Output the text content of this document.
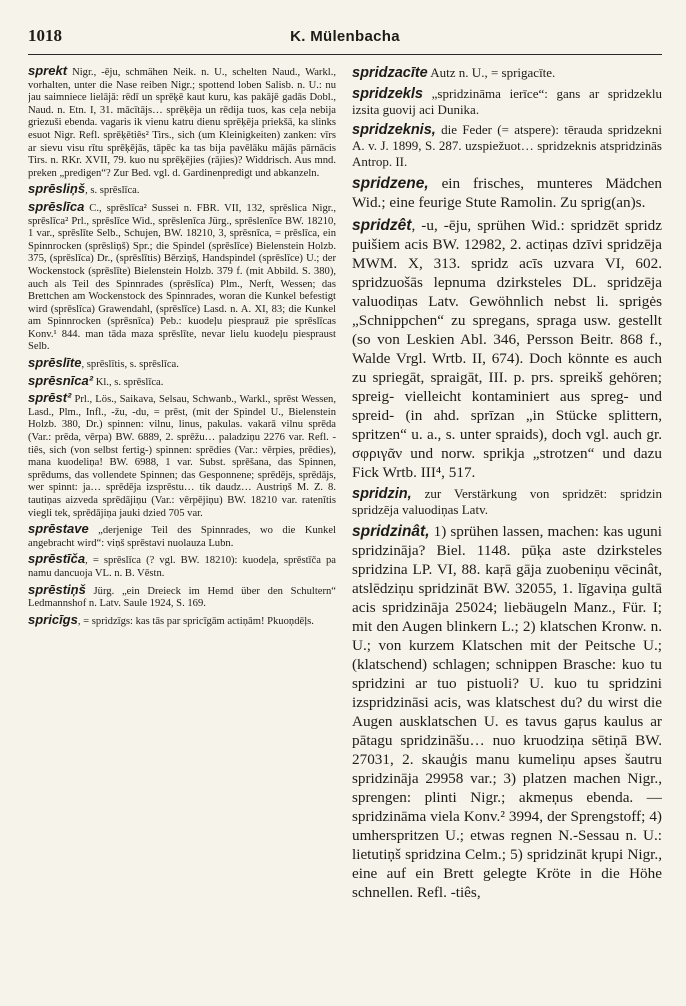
1018	K. Mülenbacha

sprekt Nigr., -ēju, schmähen Neik. n. U., schelten Naud., Warkl., vorhalten, unter die Nase reiben Nigr.; spottend loben Salisb. n. U.: nu jau saimniece lielājā: rēdī un sprēķē kaut kuru, kas pakājē gadās Dobl., Naud. n. Etn. I, 31. mācītājs… sprēķēja un rēdija tuos, kas ceļa nebija griezuši ebenda. vagaris ik vienu katru dienu sprēķēja priekšā, ka slinks esuot Nigr. Refl. sprēķētiês² Tirs., sich (um Kleinigkeiten) zanken: vīrs ar sievu visu rītu sprēķējās, tāpēc ka tas bija pavēlāku mājās pārnācis Tirs. n. RKr. XVII, 79. kuo nu sprēķējies (rājies)? Widdrisch. Aus mnd. preken „predigen“? Zur Bed. vgl. d. Gardinenpredigt und abkanzeln.

sprēsliņš, s. sprēslīca.

sprēslīca C., sprēslīca² Sussei n. FBR. VII, 132, sprēslica Nigr., sprēslīca² Prl., sprēslīce Wid., sprēslenīca Jürg., sprēslenīce BW. 18210, 1 var., sprēslīte Selb., Schujen, BW. 18210, 3, sprēsnīca, = prēslīca, ein Spinnrocken (sprēsliņš) Spr.; die Spindel (sprēslīce) Bielenstein Holzb. 375, (sprēslīca) Dr., (sprēslītis) Bērziņš, Handspindel (sprēslīce) U.; der Wockenstock (sprēslīte) Bielenstein Holzb. 379 f. (mit Abbild. S. 380), auch als Teil des Spinnrades (sprēslīca) Plm., Nerft, Wessen; das Brettchen am Wockenstock des Spinnrades, woran die Kunkel befestigt wird (sprēslīca) Grawendahl, (sprēslīce) Lasd. n. A. XI, 83; die Kunkel am Spinnrocken (sprēsnīca) Peb.: kuodeļu piesprauž pie sprēslīcas Konv.¹ 844. man tāda maza sprēslīte, nevar lielu kuodeļu piespraust Selb.

sprēslīte, sprēslītis, s. sprēslīca.

sprēsnīca² Kl., s. sprēslīca.

sprēst² Prl., Lös., Saikava, Selsau, Schwanb., Warkl., sprēst Wessen, Lasd., Plm., Infl., -žu, -du, = prēst, (mit der Spindel U., Bielenstein Holzb. 380, Dr.) spinnen: vilnu, linus, pakulas. vakarā vilnu sprēda (Var.: prēda, vērpa) BW. 6889, 2. sprēžu… paladziņu 2276 var. Refl. -tiês, sich (von selbst fertig-) spinnen: sprēdies (Var.: vērpies, prēdies), mana kuodeliņa! BW. 6988, 1 var. Subst. sprēšana, das Spinnen, sprēdums, das vollendete Spinnen; das Gesponnene; sprēdējs, sprēdājs, wer spinnt: ja… sprēdēja izsprēstu… tik daudz… Austriņš M. Z. 8. tautiņas aizveda sprēdājiņu (Var.: vērpējiņu) BW. 18210 var. ratenītis viegli tek, sprēdājiņa jauki dzied 705 var.

sprēstave „derjenige Teil des Spinnrades, wo die Kunkel angebracht wird“: viņš sprēstavi nuolauza Lubn.

sprēstīča, = sprēslīca (? vgl. BW. 18210): kuodeļa, sprēstīča pa namu dancuoja VL. n. B. Vēstn.

sprēstiņš Jürg. „ein Dreieck im Hemd über den Schultern“ Ledmannshof n. Latv. Saule 1924, S. 169.

spricīgs, = spridzīgs: kas tās par spricīgām actiņām! Pkuoņdēļs.

spridzacīte Autz n. U., = sprigacīte.

spridzekls „spridzināma ierīce“: gans ar spridzeklu izsita guovij aci Dunika.

spridzeknis, die Feder (= atspere): tērauda spridzekni A. v. J. 1899, S. 287. uzspiežuot… spridzeknis atspridzinās Antrop. II.

spridzene, ein frisches, munteres Mädchen Wid.; eine feurige Stute Ramolin. Zu sprig(an)s.

spridzêt, -u, -ēju, sprühen Wid.: spridzēt spridz puišiem acis BW. 12982, 2. actiņas dzīvi spridzēja MWM. X, 313. spridz acīs uzvara VI, 602. spridzuošās lepnuma dzirksteles DL. spridzēja valuodiņas Latv. Gewöhnlich nebst li. sprigės „Schnippchen“ zu spregans, spraga usw. gestellt (so von Leskien Abl. 346, Persson Beitr. 868 f., Walde Vrgl. Wrtb. II, 674). Doch könnte es auch zu spriegāt, spraigāt, III. p. prs. spreikš gehören; spreig- vielleicht kontaminiert aus spreg- und spreid- (in ahd. sprīzan „in Stücke splittern, spritzen“ u. a., s. unter spraids), doch vgl. auch gr. σφριγᾶν und norw. sprikja „strotzen“ und dazu Fick Wrtb. III⁴, 517.

spridzin, zur Verstärkung von spridzēt: spridzin spridzēja valuodiņas Latv.

spridzinât, 1) sprühen lassen, machen: kas uguni spridzināja? Biel. 1148. pūķa aste dzirksteles spridzina LP. VI, 88. kaŗā gāja zuobeniņu vēcinât, atslēdziņu spridzināt BW. 32055, 1. līgaviņa gultā acis spridzināja 25024; liebäugeln Manz., Für. I; mit den Augen blinkern L.; 2) klatschen Kronw. n. U.; von kurzem Klatschen mit der Peitsche U.; (klatschend) schlagen; schnippen Brasche: kuo tu spridzini ar tuo pistuoli? U. kuo tu spridzini izspridzināsi acis, was klatschest du? du wirst die Augen ausklatschen U. es tavus gaŗus kaulus ar pātagu spridzināšu… nuo kruodziņa sētiņā BW. 27031, 2. skauģis manu kumeliņu apses šautru spridzināja 29958 var.; 3) platzen machen Nigr., sprengen: plinti Nigr.; akmeņus ebenda. — spridzināma viela Konv.² 3994, der Sprengstoff; 4) umherspritzen U.; etwas regnen N.-Sessau n. U.: lietutiņš spridzina Celm.; 5) spridzināt kŗupi Nigr., eine auf ein Brett gelegte Kröte in die Höhe schnellen. Refl. -tiês,
